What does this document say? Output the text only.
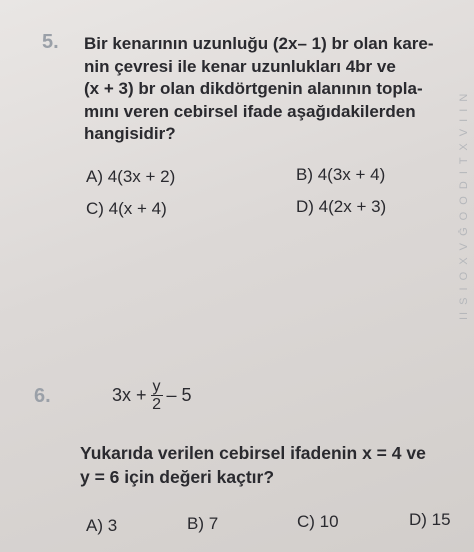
5. Bir kenarının uzunluğu (2x– 1) br olan kare-
nin çevresi ile kenar uzunlukları 4br ve
(x + 3) br olan dikdörtgenin alanının topla-
mını veren cebirsel ifade aşağıdakilerden
hangisidir?
A) 4(3x + 2)	B) 4(3x + 4)
C) 4(x + 4)	D) 4(2x + 3)
6.	$3x + \frac{y}{2} - 5$
Yukarıda verilen cebirsel ifadenin x = 4 ve
y = 6 için değeri kaçtır?
A) 3	B) 7	C) 10	D) 15
II S I O X V Ğ O O D I T X V I I N
